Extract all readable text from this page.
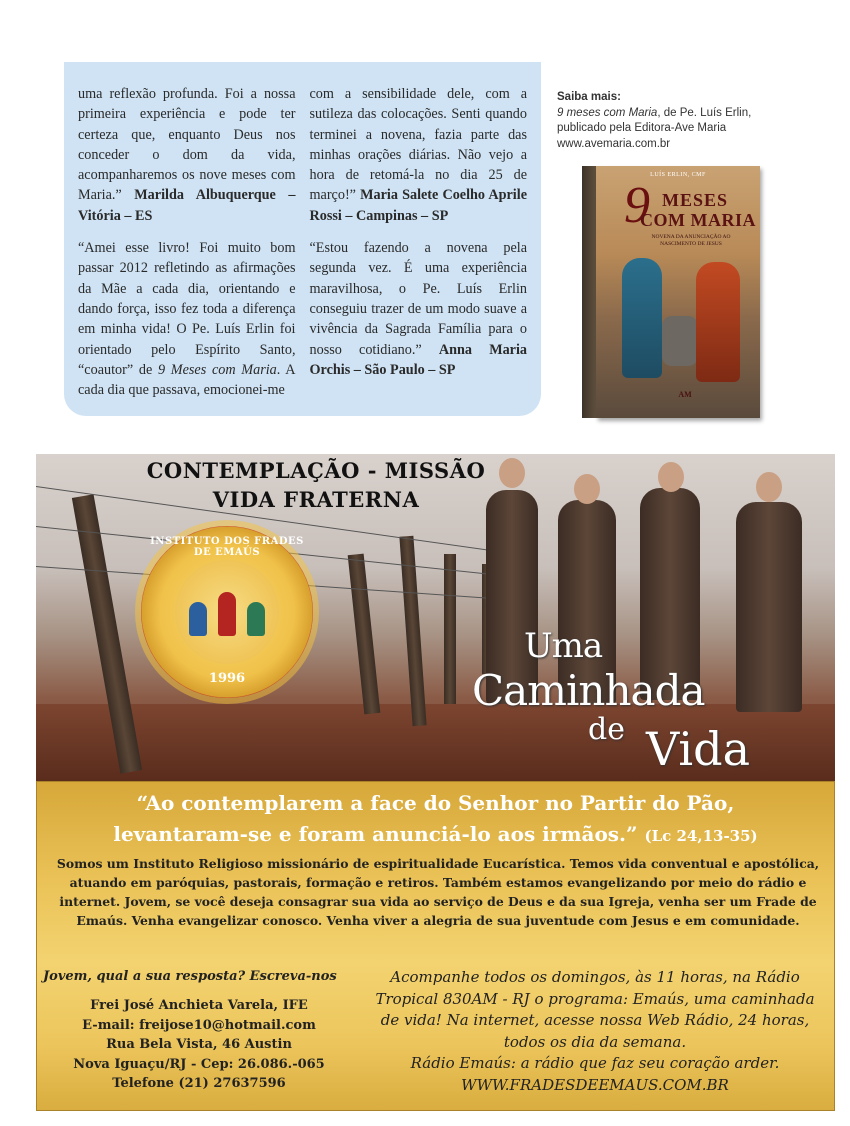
uma reflexão profunda. Foi a nossa primeira experiência e pode ter certeza que, enquanto Deus nos conceder o dom da vida, acompanharemos os nove meses com Maria.” Marilda Albuquerque – Vitória – ES

“Amei esse livro! Foi muito bom passar 2012 refletindo as afirmações da Mãe a cada dia, orientando e dando força, isso fez toda a diferença em minha vida! O Pe. Luís Erlin foi orientado pelo Espírito Santo, “coautor” de 9 Meses com Maria. A cada dia que passava, emocionei-me

com a sensibilidade dele, com a sutileza das colocações. Senti quando terminei a novena, fazia parte das minhas orações diárias. Não vejo a hora de retomá-la no dia 25 de março!” Maria Salete Coelho Aprile Rossi – Campinas – SP

“Estou fazendo a novena pela segunda vez. É uma experiência maravilhosa, o Pe. Luís Erlin conseguiu trazer de um modo suave a vivência da Sagrada Família para o nosso cotidiano.” Anna Maria Orchis – São Paulo – SP

Saiba mais:
9 meses com Maria, de Pe. Luís Erlin, publicado pela Editora-Ave Maria
www.avemaria.com.br
LUÍS ERLIN, CMF
9 MESES
COM MARIA
NOVENA DA ANUNCIAÇÃO AO NASCIMENTO DE JESUS
AM
CONTEMPLAÇÃO - MISSÃO
VIDA FRATERNA
INSTITUTO DOS FRADES DE EMAÚS
1996
Uma
Caminhada
de Vida
“Ao contemplarem a face do Senhor no Partir do Pão,
levantaram-se e foram anunciá-lo aos irmãos.” (Lc 24,13-35)
Somos um Instituto Religioso missionário de espiritualidade Eucarística. Temos vida conventual e apostólica, atuando em paróquias, pastorais, formação e retiros. Também estamos evangelizando por meio do rádio e internet. Jovem, se você deseja consagrar sua vida ao serviço de Deus e da sua Igreja, venha ser um Frade de Emaús. Venha evangelizar conosco. Venha viver a alegria de sua juventude com Jesus e em comunidade.
Jovem, qual a sua resposta? Escreva-nos
Frei José Anchieta Varela, IFE
E-mail: freijose10@hotmail.com
Rua Bela Vista, 46 Austin
Nova Iguaçu/RJ - Cep: 26.086.-065
Telefone (21) 27637596
Acompanhe todos os domingos, às 11 horas, na Rádio Tropical 830AM - RJ o programa: Emaús, uma caminhada de vida! Na internet, acesse nossa Web Rádio, 24 horas, todos os dia da semana.
Rádio Emaús: a rádio que faz seu coração arder.
WWW.FRADESDEEMAUS.COM.BR
